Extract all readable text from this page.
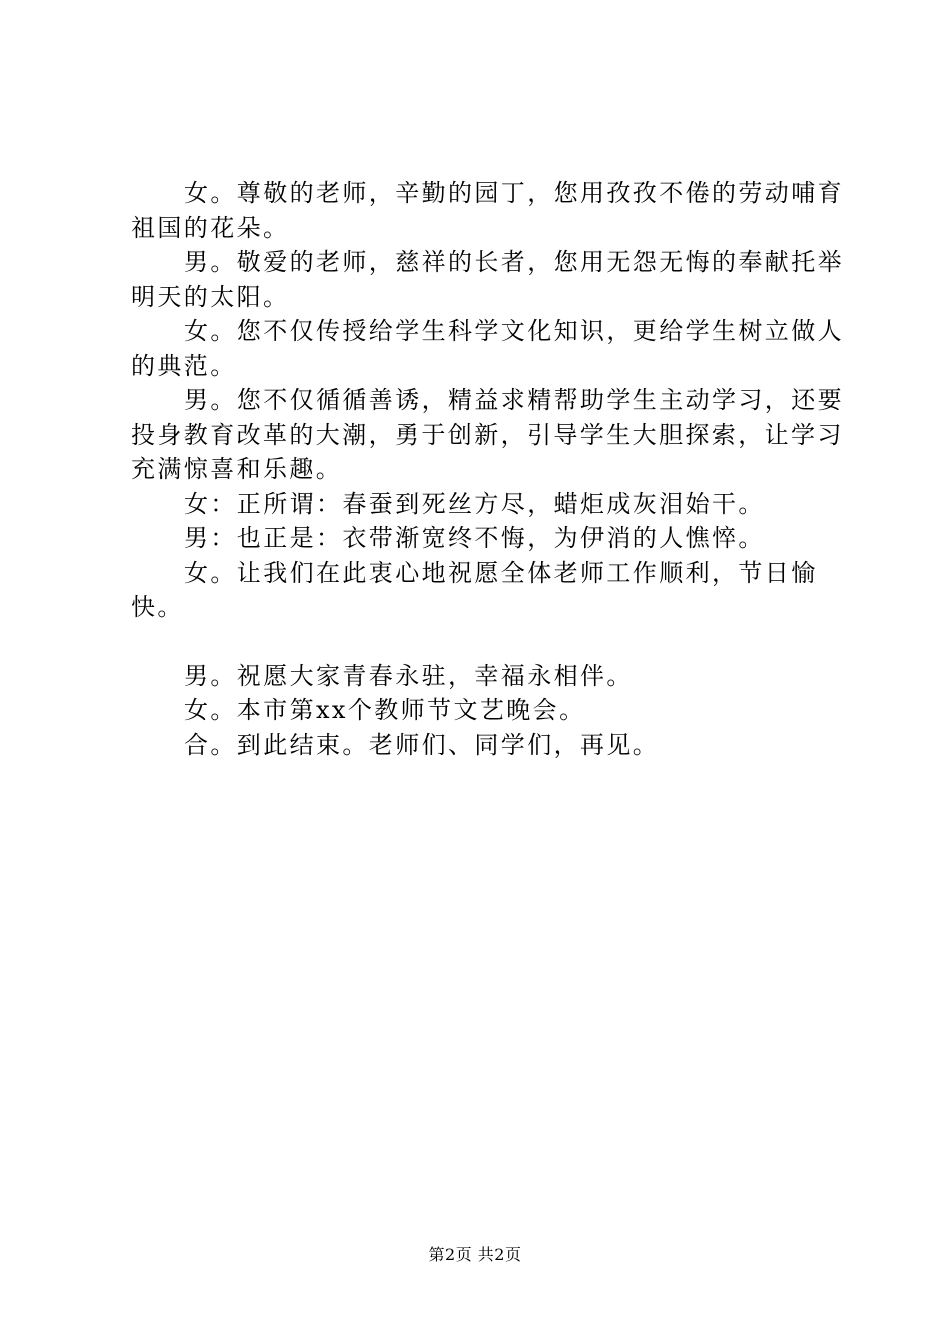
女。尊敬的老师，辛勤的园丁，您用孜孜不倦的劳动哺育祖国的花朵。

男。敬爱的老师，慈祥的长者，您用无怨无悔的奉献托举明天的太阳。

女。您不仅传授给学生科学文化知识，更给学生树立做人的典范。

男。您不仅循循善诱，精益求精帮助学生主动学习，还要投身教育改革的大潮，勇于创新，引导学生大胆探索，让学习充满惊喜和乐趣。

女：正所谓：春蚕到死丝方尽，蜡炬成灰泪始干。

男：也正是：衣带渐宽终不悔，为伊消的人憔悴。

女。让我们在此衷心地祝愿全体老师工作顺利，节日愉快。

男。祝愿大家青春永驻，幸福永相伴。

女。本市第xx个教师节文艺晚会。

合。到此结束。老师们、同学们，再见。

第2页 共2页
